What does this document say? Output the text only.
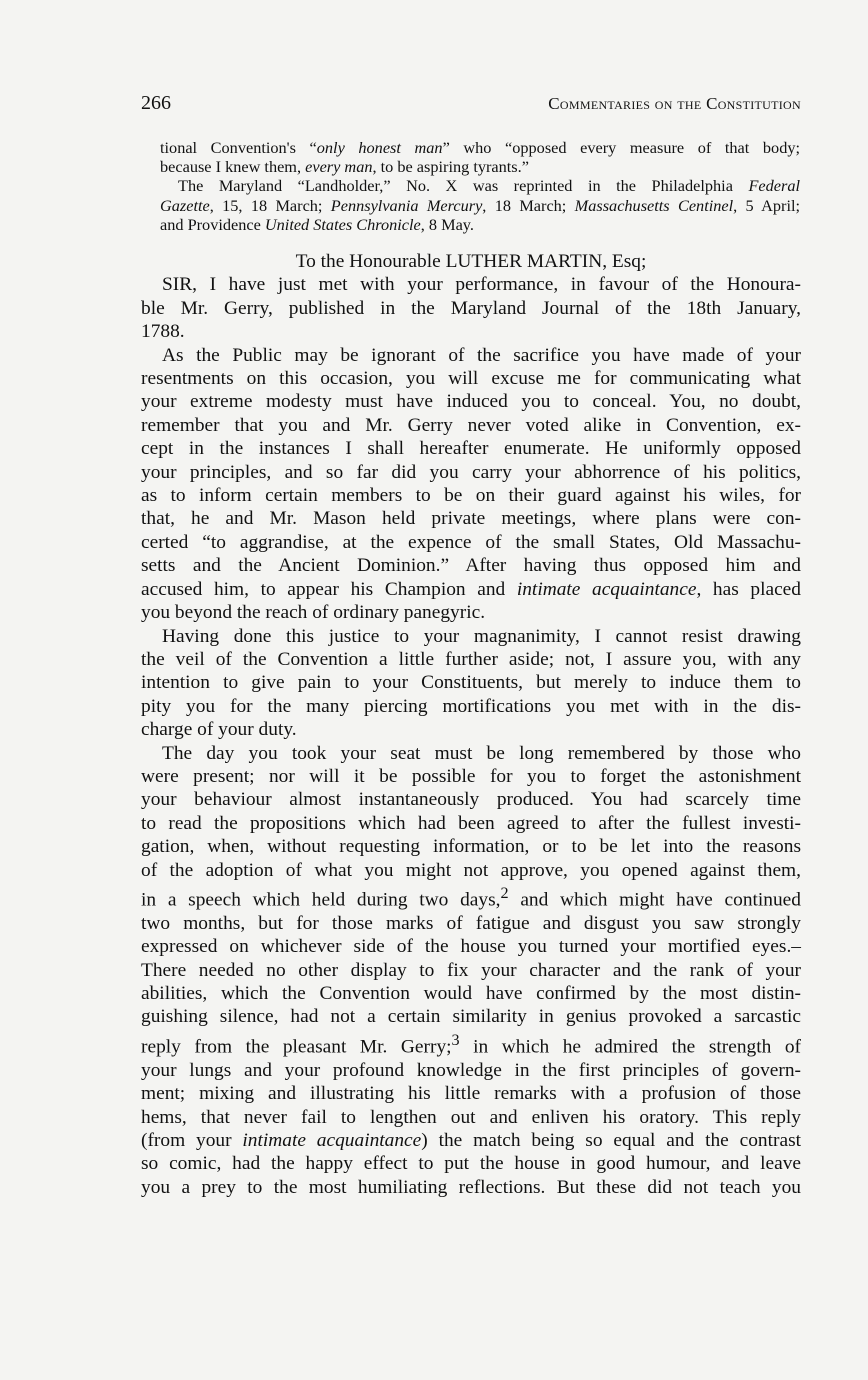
266	Commentaries on the Constitution
tional Convention's “only honest man” who “opposed every measure of that body;
because I knew them, every man, to be aspiring tyrants.”
The Maryland “Landholder,” No. X was reprinted in the Philadelphia Federal
Gazette, 15, 18 March; Pennsylvania Mercury, 18 March; Massachusetts Centinel, 5 April;
and Providence United States Chronicle, 8 May.

To the Honourable LUTHER MARTIN, Esq;

SIR, I have just met with your performance, in favour of the Honoura-
ble Mr. Gerry, published in the Maryland Journal of the 18th January,
1788.
As the Public may be ignorant of the sacrifice you have made of your
resentments on this occasion, you will excuse me for communicating what
your extreme modesty must have induced you to conceal. You, no doubt,
remember that you and Mr. Gerry never voted alike in Convention, ex-
cept in the instances I shall hereafter enumerate. He uniformly opposed
your principles, and so far did you carry your abhorrence of his politics,
as to inform certain members to be on their guard against his wiles, for
that, he and Mr. Mason held private meetings, where plans were con-
certed “to aggrandise, at the expence of the small States, Old Massachu-
setts and the Ancient Dominion.” After having thus opposed him and
accused him, to appear his Champion and intimate acquaintance, has placed
you beyond the reach of ordinary panegyric.
Having done this justice to your magnanimity, I cannot resist drawing
the veil of the Convention a little further aside; not, I assure you, with any
intention to give pain to your Constituents, but merely to induce them to
pity you for the many piercing mortifications you met with in the dis-
charge of your duty.
The day you took your seat must be long remembered by those who
were present; nor will it be possible for you to forget the astonishment
your behaviour almost instantaneously produced. You had scarcely time
to read the propositions which had been agreed to after the fullest investi-
gation, when, without requesting information, or to be let into the reasons
of the adoption of what you might not approve, you opened against them,
in a speech which held during two days,$^2$ and which might have continued
two months, but for those marks of fatigue and disgust you saw strongly
expressed on whichever side of the house you turned your mortified eyes.–
There needed no other display to fix your character and the rank of your
abilities, which the Convention would have confirmed by the most distin-
guishing silence, had not a certain similarity in genius provoked a sarcastic
reply from the pleasant Mr. Gerry;$^3$ in which he admired the strength of
your lungs and your profound knowledge in the first principles of govern-
ment; mixing and illustrating his little remarks with a profusion of those
hems, that never fail to lengthen out and enliven his oratory. This reply
(from your intimate acquaintance) the match being so equal and the contrast
so comic, had the happy effect to put the house in good humour, and leave
you a prey to the most humiliating reflections. But these did not teach you
